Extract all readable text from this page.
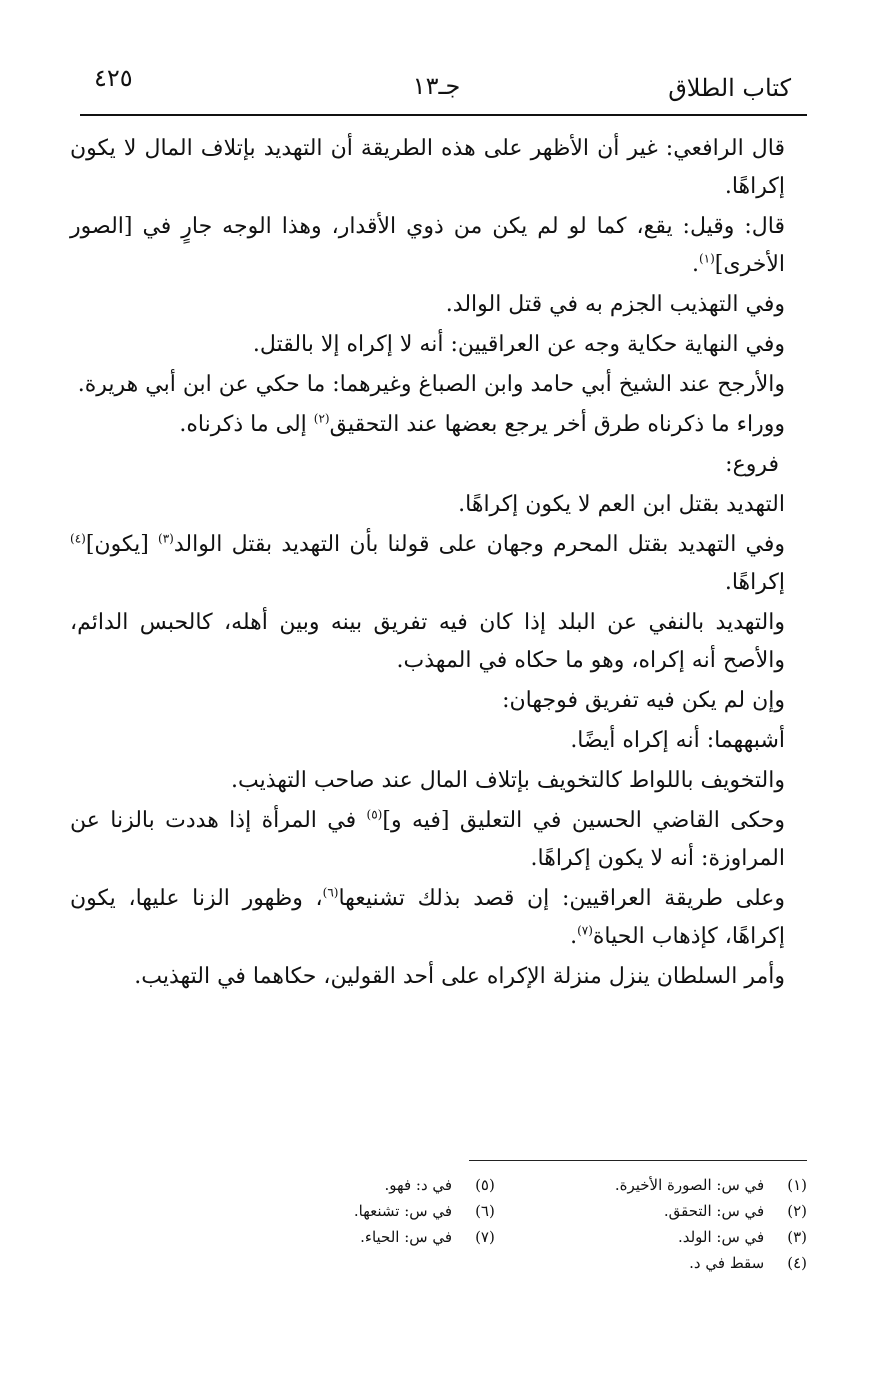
كتاب الطلاق
جـ١٣
٤٢٥

قال الرافعي: غير أن الأظهر على هذه الطريقة أن التهديد بإتلاف المال لا يكون إكراهًا.

قال: وقيل: يقع، كما لو لم يكن من ذوي الأقدار، وهذا الوجه جارٍ في [الصور الأخرى]$^{(١)}$.

وفي التهذيب الجزم به في قتل الوالد.

وفي النهاية حكاية وجه عن العراقيين: أنه لا إكراه إلا بالقتل.

والأرجح عند الشيخ أبي حامد وابن الصباغ وغيرهما: ما حكي عن ابن أبي هريرة.

ووراء ما ذكرناه طرق أخر يرجع بعضها عند التحقيق$^{(٢)}$ إلى ما ذكرناه.

فروع:

التهديد بقتل ابن العم لا يكون إكراهًا.

وفي التهديد بقتل المحرم وجهان على قولنا بأن التهديد بقتل الوالد$^{(٣)}$ [يكون]$^{(٤)}$ إكراهًا.

والتهديد بالنفي عن البلد إذا كان فيه تفريق بينه وبين أهله، كالحبس الدائم، والأصح أنه إكراه، وهو ما حكاه في المهذب.

وإن لم يكن فيه تفريق فوجهان:

أشبههما: أنه إكراه أيضًا.

والتخويف باللواط كالتخويف بإتلاف المال عند صاحب التهذيب.

وحكى القاضي الحسين في التعليق [فيه و]$^{(٥)}$ في المرأة إذا هددت بالزنا عن المراوزة: أنه لا يكون إكراهًا.

وعلى طريقة العراقيين: إن قصد بذلك تشنيعها$^{(٦)}$، وظهور الزنا عليها، يكون إكراهًا، كإذهاب الحياة$^{(٧)}$.

وأمر السلطان ينزل منزلة الإكراه على أحد القولين، حكاهما في التهذيب.

(١) في س: الصورة الأخيرة.
(٢) في س: التحقق.
(٣) في س: الولد.
(٤) سقط في د.
(٥) في د: فهو.
(٦) في س: تشنعها.
(٧) في س: الحياء.
